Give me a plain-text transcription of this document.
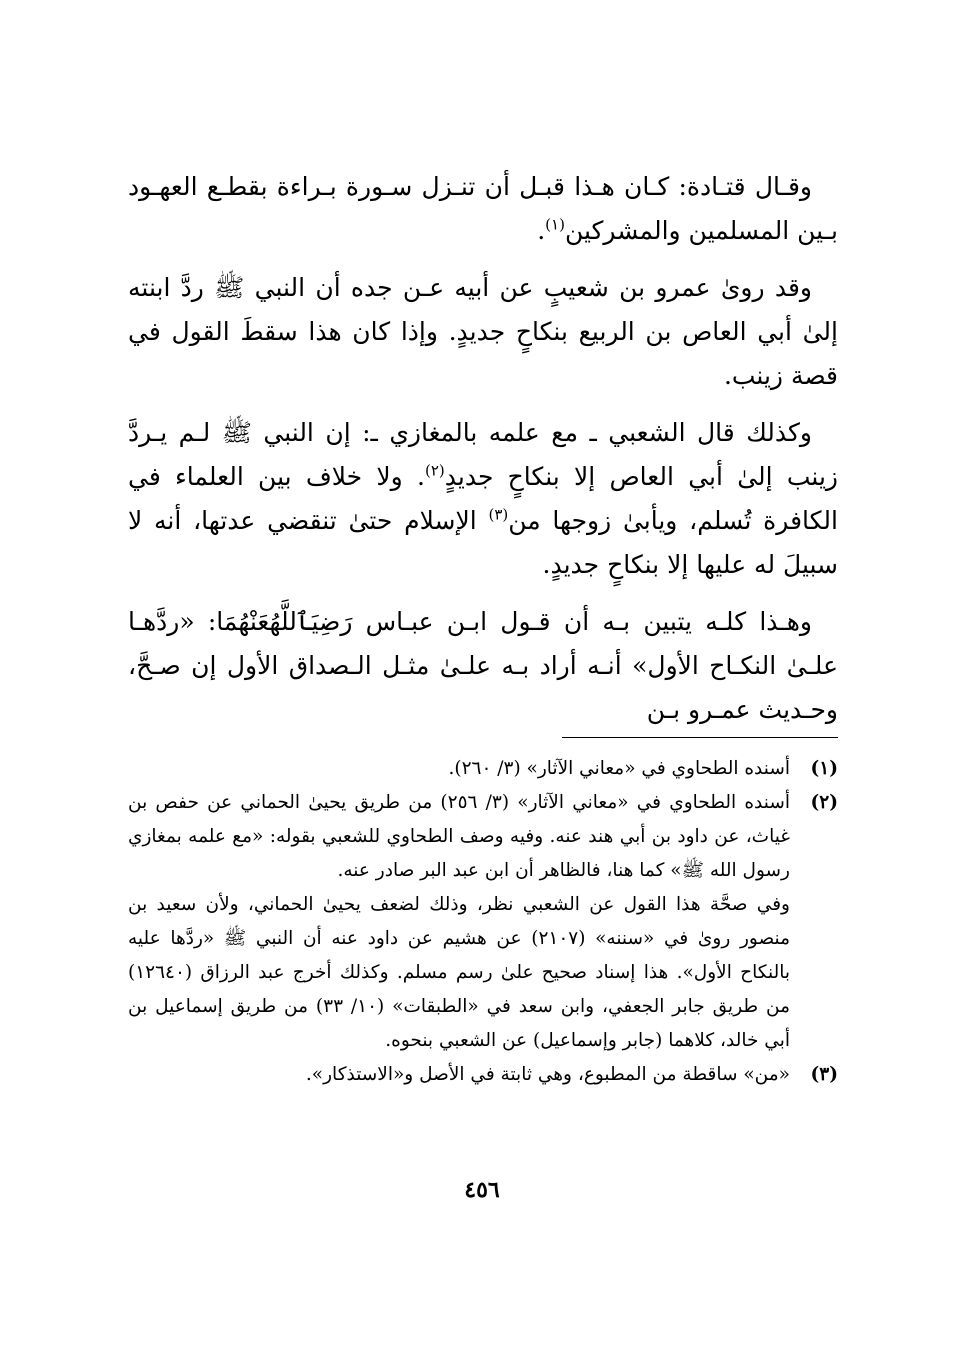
وقـال قتـادة: كـان هـذا قبـل أن تنـزل سـورة بـراءة بقطـع العهـود بـين المسلمين والمشركين$^{(١)}$.

وقد روىٰ عمرو بن شعيبٍ عن أبيه عـن جده أن النبي ﷺ ردَّ ابنته إلىٰ أبي العاص بن الربيع بنكاحٍ جديدٍ. وإذا كان هذا سقطَ القول في قصة زينب.

وكذلك قال الشعبي ـ مع علمه بالمغازي ـ: إن النبي ﷺ لـم يـردَّ زينب إلىٰ أبي العاص إلا بنكاحٍ جديدٍ$^{(٢)}$. ولا خلاف بين العلماء في الكافرة تُسلم، ويأبىٰ زوجها من$^{(٣)}$ الإسلام حتىٰ تنقضي عدتها، أنه لا سبيلَ له عليها إلا بنكاحٍ جديدٍ.

وهـذا كلـه يتبين بـه أن قـول ابـن عبـاس رَضِيَٱللَّهُعَنْهُمَا: «ردَّهـا علـىٰ النكـاح الأول» أنـه أراد بـه علـىٰ مثـل الـصداق الأول إن صـحَّ، وحـديث عمـرو بـن

(١)
أسنده الطحاوي في «معاني الآثار» (٣/ ٢٦٠).
(٢)
أسنده الطحاوي في «معاني الآثار» (٣/ ٢٥٦) من طريق يحيىٰ الحماني عن حفص بن غياث، عن داود بن أبي هند عنه. وفيه وصف الطحاوي للشعبي بقوله: «مع علمه بمغازي رسول الله ﷺ» كما هنا، فالظاهر أن ابن عبد البر صادر عنه.
وفي صحَّة هذا القول عن الشعبي نظر، وذلك لضعف يحيىٰ الحماني، ولأن سعيد بن منصور روىٰ في «سننه» (٢١٠٧) عن هشيم عن داود عنه أن النبي ﷺ «ردَّها عليه بالنكاح الأول». هذا إسناد صحيح علىٰ رسم مسلم. وكذلك أخرج عبد الرزاق (١٢٦٤٠) من طريق جابر الجعفي، وابن سعد في «الطبقات» (١٠/ ٣٣) من طريق إسماعيل بن أبي خالد، كلاهما (جابر وإسماعيل) عن الشعبي بنحوه.
(٣)
«من» ساقطة من المطبوع، وهي ثابتة في الأصل و«الاستذكار».
٤٥٦
